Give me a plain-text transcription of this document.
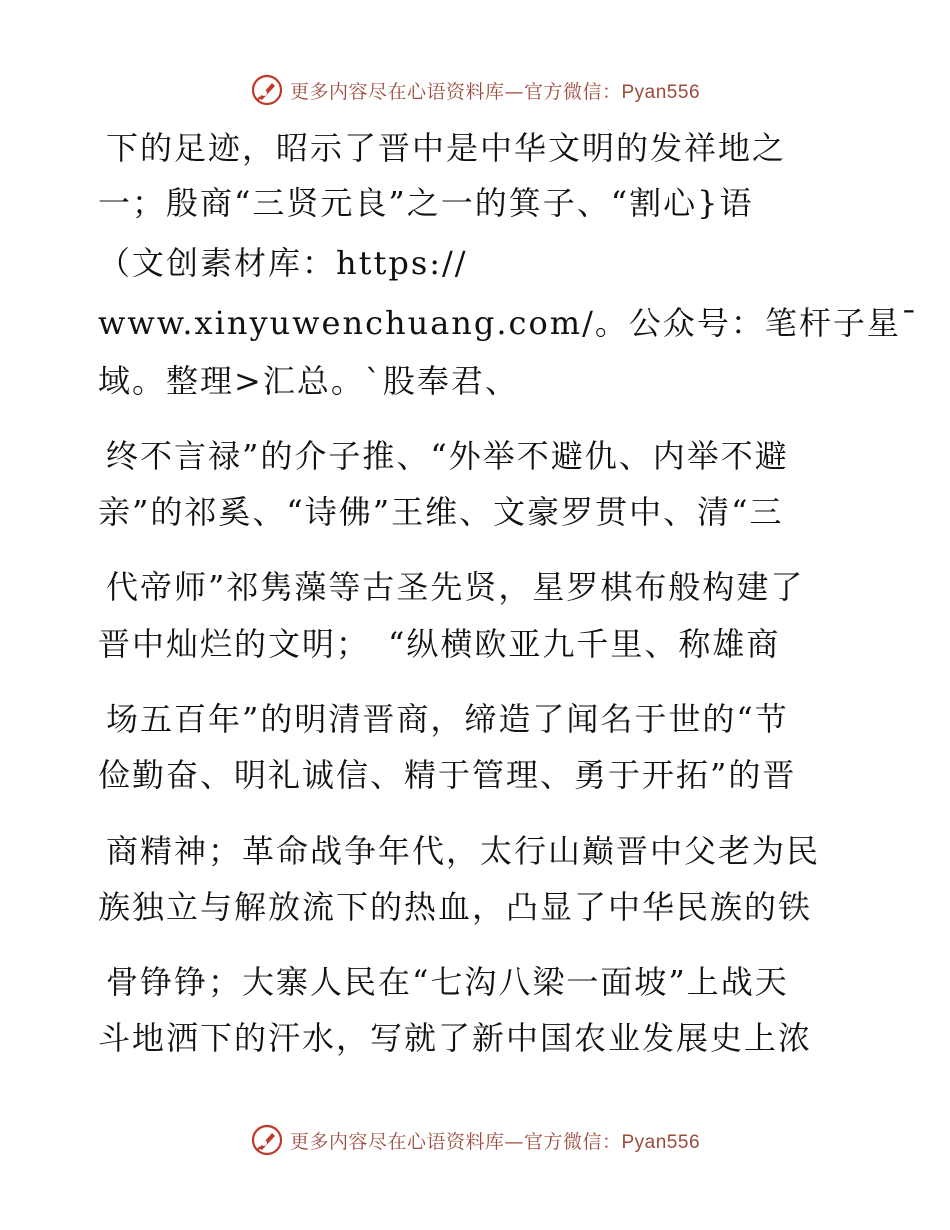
更多内容尽在心语资料库—官方微信：Pyan556
下的足迹，昭示了晋中是中华文明的发祥地之
一；殷商“三贤元良”之一的箕子、“割心}语
（文创素材库：https://
www.xinyuwenchuang.com/。公众号：笔杆子星¯
域。整理>汇总。`股奉君、
终不言禄”的介子推、“外举不避仇、内举不避
亲”的祁奚、“诗佛”王维、文豪罗贯中、清“三
代帝师”祁隽藻等古圣先贤，星罗棋布般构建了
晋中灿烂的文明；　“纵横欧亚九千里、称雄商
场五百年”的明清晋商，缔造了闻名于世的“节
俭勤奋、明礼诚信、精于管理、勇于开拓”的晋
商精神；革命战争年代，太行山巅晋中父老为民
族独立与解放流下的热血，凸显了中华民族的铁
骨铮铮；大寨人民在“七沟八梁一面坡”上战天
斗地洒下的汗水，写就了新中国农业发展史上浓
更多内容尽在心语资料库—官方微信：Pyan556
